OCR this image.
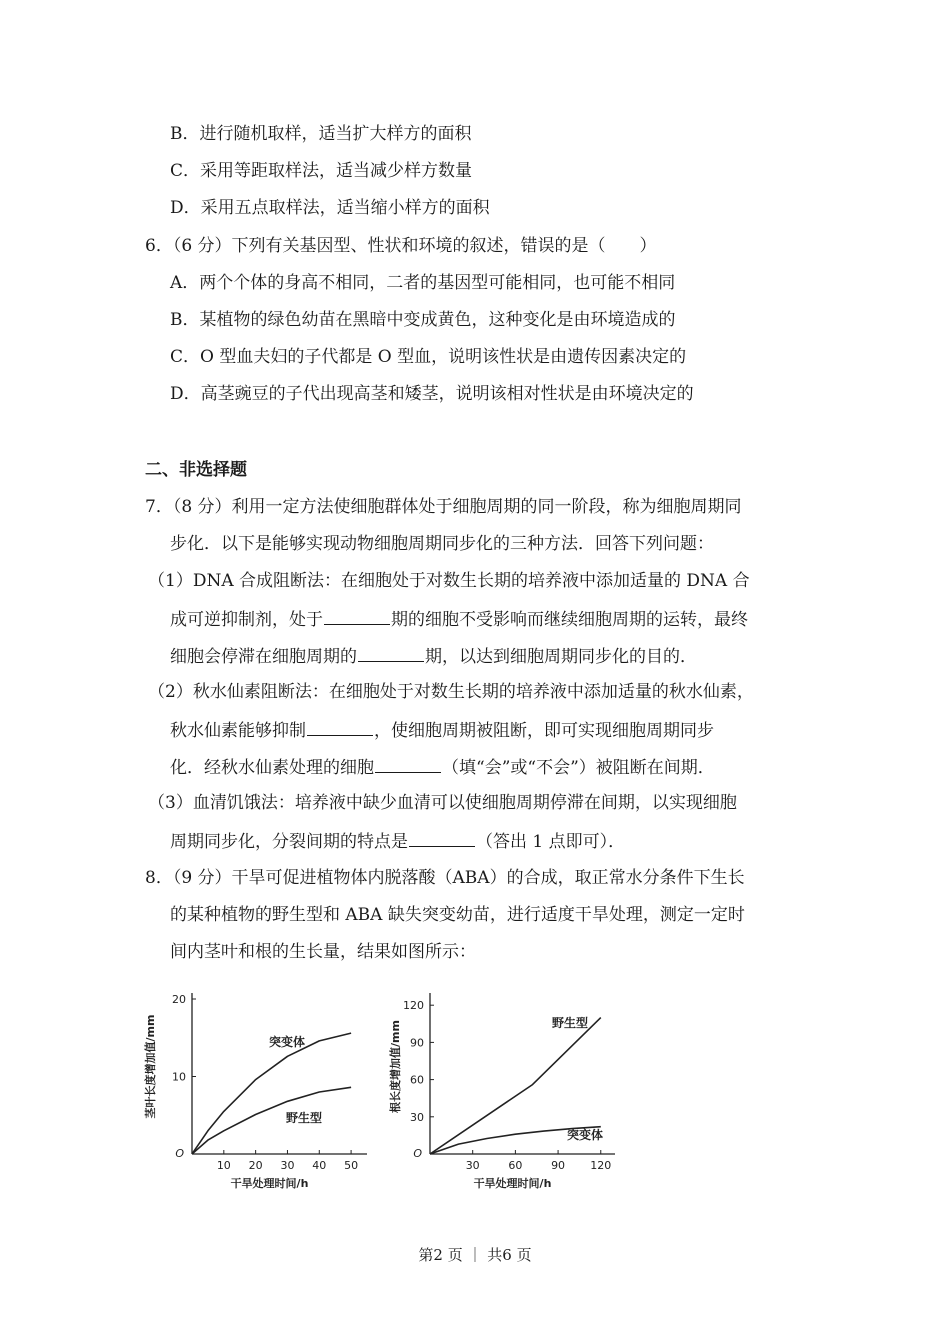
B．进行随机取样，适当扩大样方的面积
C．采用等距取样法，适当减少样方数量
D．采用五点取样法，适当缩小样方的面积
6．（6 分）下列有关基因型、性状和环境的叙述，错误的是（　　）
A．两个个体的身高不相同，二者的基因型可能相同，也可能不相同
B．某植物的绿色幼苗在黑暗中变成黄色，这种变化是由环境造成的
C．O 型血夫妇的子代都是 O 型血，说明该性状是由遗传因素决定的
D．高茎豌豆的子代出现高茎和矮茎，说明该相对性状是由环境决定的
二、非选择题
7．（8 分）利用一定方法使细胞群体处于细胞周期的同一阶段，称为细胞周期同
步化．以下是能够实现动物细胞周期同步化的三种方法．回答下列问题：
（1）DNA 合成阻断法：在细胞处于对数生长期的培养液中添加适量的 DNA 合
成可逆抑制剂，处于	期的细胞不受影响而继续细胞周期的运转，最终
细胞会停滞在细胞周期的	期，以达到细胞周期同步化的目的．
（2）秋水仙素阻断法：在细胞处于对数生长期的培养液中添加适量的秋水仙素，
秋水仙素能够抑制	，使细胞周期被阻断，即可实现细胞周期同步
化．经秋水仙素处理的细胞	（填“会”或“不会”）被阻断在间期．
（3）血清饥饿法：培养液中缺少血清可以使细胞周期停滞在间期，以实现细胞
周期同步化，分裂间期的特点是	（答出 1 点即可）．
8．（9 分）干旱可促进植物体内脱落酸（ABA）的合成，取正常水分条件下生长
的某种植物的野生型和 ABA 缺失突变幼苗，进行适度干旱处理，测定一定时
间内茎叶和根的生长量，结果如图所示：
10 20 30 40 50
10
20
O
干旱处理时间/h
茎叶长度增加值/mm	突变体
野生型
30	60	90 120
30
60
90
120
O
干旱处理时间/h
根长度增加值/mm	野生型
突变体
第2 页 ｜ 共6 页
